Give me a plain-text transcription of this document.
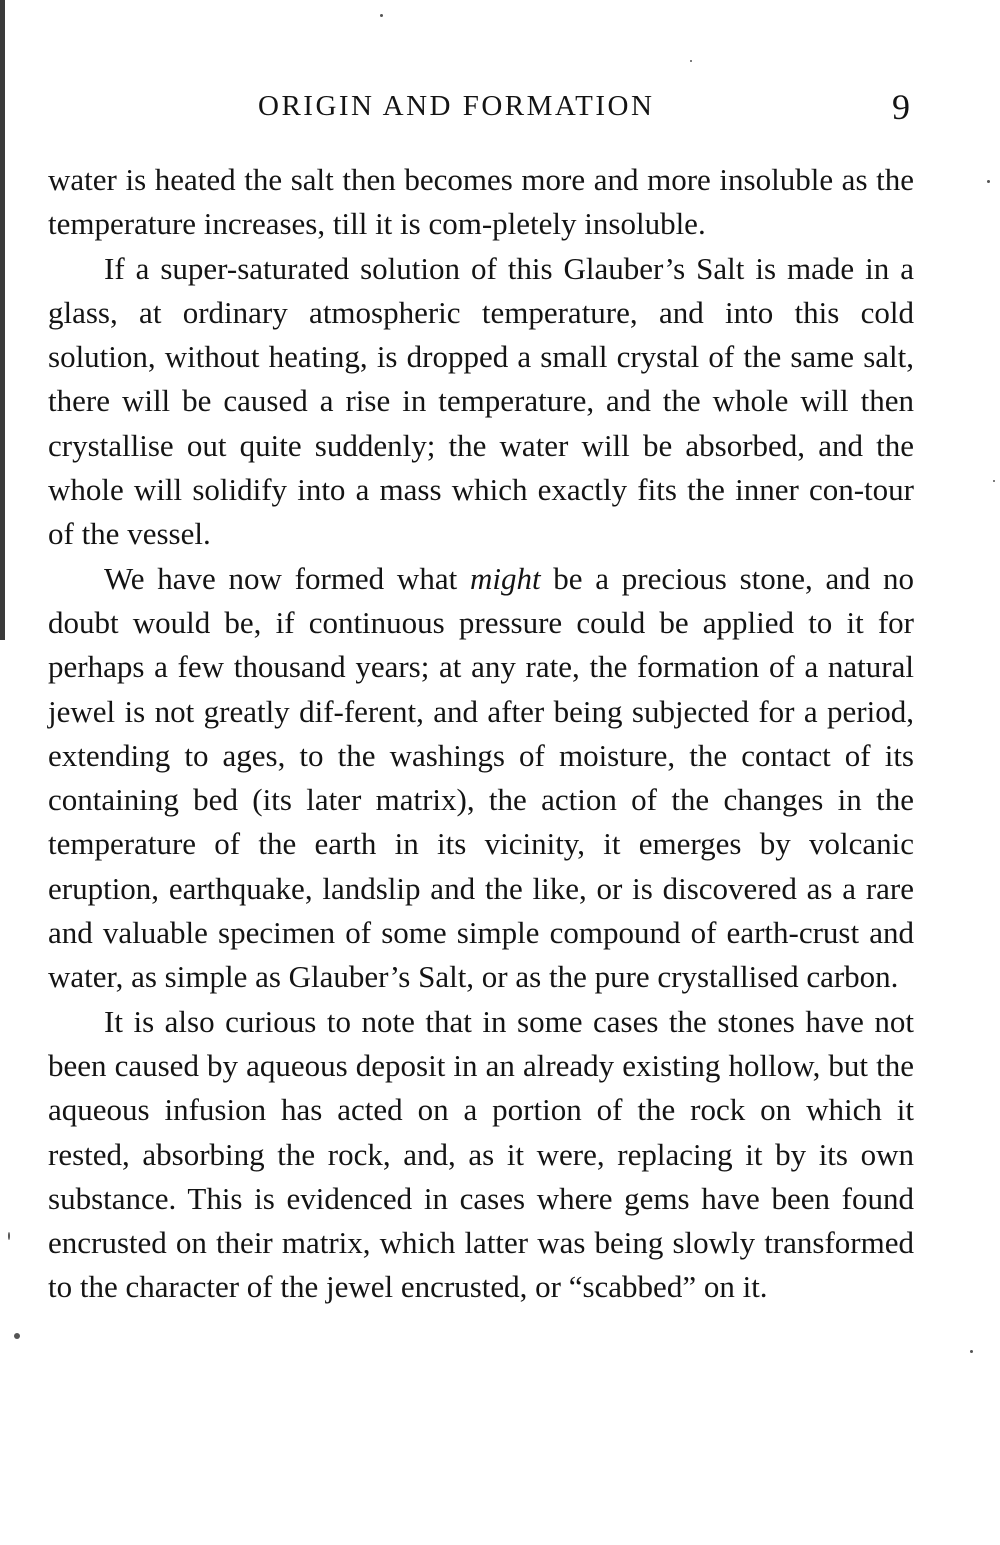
ORIGIN AND FORMATION	9

water is heated the salt then becomes more and more insoluble as the temperature increases, till it is com-pletely insoluble.

If a super-saturated solution of this Glauber’s Salt is made in a glass, at ordinary atmospheric temperature, and into this cold solution, without heating, is dropped a small crystal of the same salt, there will be caused a rise in temperature, and the whole will then crystallise out quite suddenly; the water will be absorbed, and the whole will solidify into a mass which exactly fits the inner con-tour of the vessel.

We have now formed what might be a precious stone, and no doubt would be, if continuous pressure could be applied to it for perhaps a few thousand years; at any rate, the formation of a natural jewel is not greatly dif-ferent, and after being subjected for a period, extending to ages, to the washings of moisture, the contact of its containing bed (its later matrix), the action of the changes in the temperature of the earth in its vicinity, it emerges by volcanic eruption, earthquake, landslip and the like, or is discovered as a rare and valuable specimen of some simple compound of earth-crust and water, as simple as Glauber’s Salt, or as the pure crystallised carbon.

It is also curious to note that in some cases the stones have not been caused by aqueous deposit in an already existing hollow, but the aqueous infusion has acted on a portion of the rock on which it rested, absorbing the rock, and, as it were, replacing it by its own substance. This is evidenced in cases where gems have been found encrusted on their matrix, which latter was being slowly transformed to the character of the jewel encrusted, or “scabbed” on it.
